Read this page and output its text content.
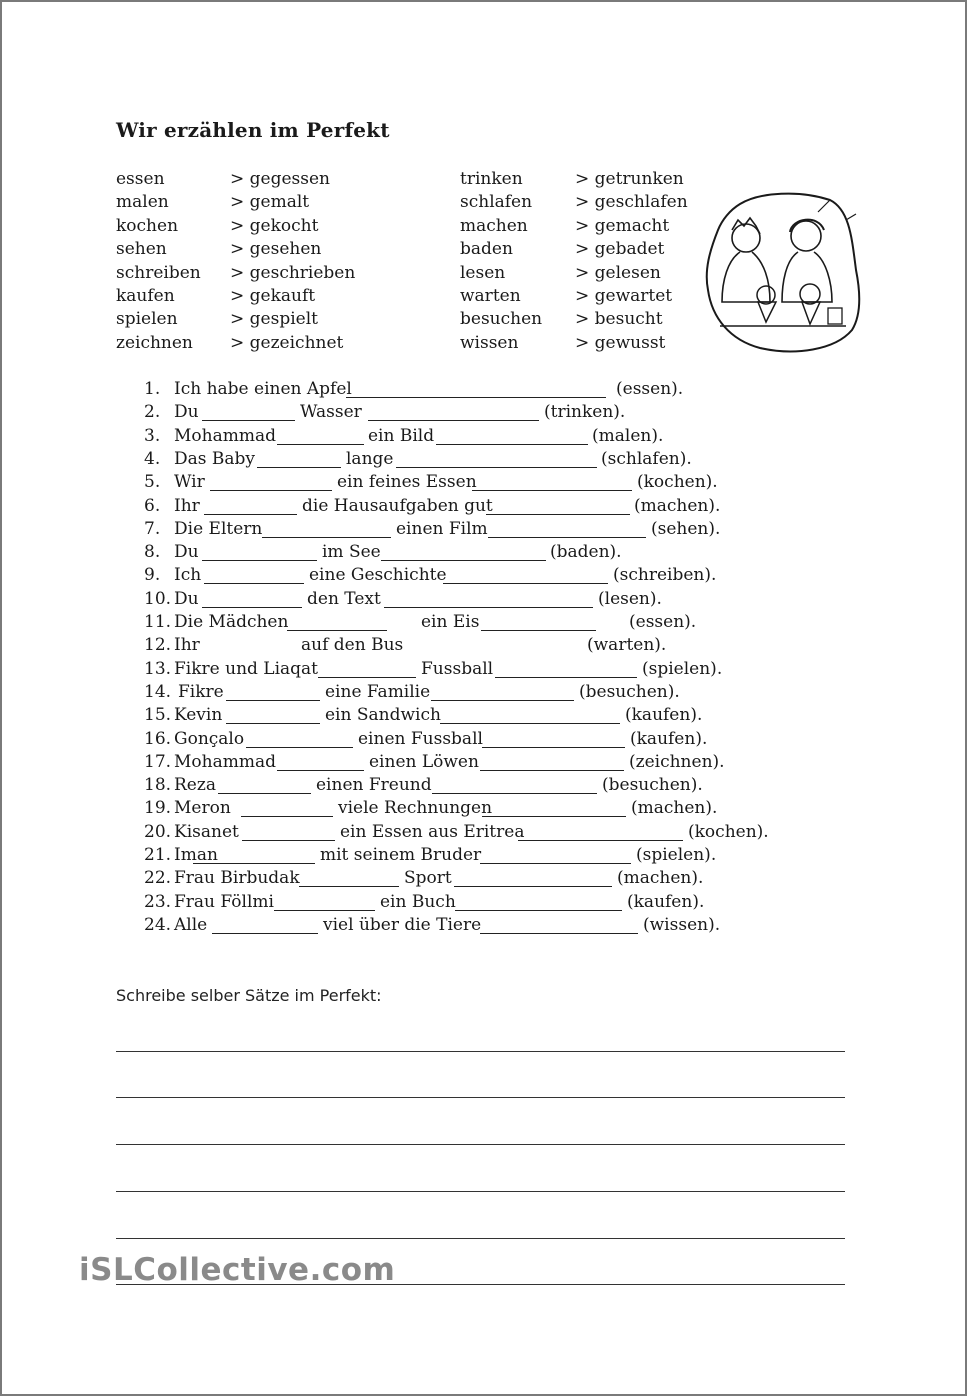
Wir erzählen im Perfekt
essen	> gegessen	trinken	> getrunken
malen	> gemalt	schlafen	> geschlafen
kochen	> gekocht	machen	> gemacht
sehen	> gesehen	baden	> gebadet
schreiben > geschrieben	lesen	> gelesen
kaufen	> gekauft	warten	> gewartet
spielen	> gespielt	besuchen > besucht
zeichnen > gezeichnet	wissen	> gewusst
1. Ich habe einen Apfel	(essen).
2. Du	Wasser	(trinken).
3. Mohammad	ein Bild	(malen).
4. Das Baby	lange	(schlafen).
5. Wir	ein feines Essen	(kochen).
6. Ihr	die Hausaufgaben gut	(machen).
7. Die Eltern	einen Film	(sehen).
8. Du	im See	(baden).
9. Ich	eine Geschichte	(schreiben).
10. Du	den Text	(lesen).
11. Die Mädchen	ein Eis	(essen).
12. Ihr	auf den Bus	(warten).
13. Fikre und Liaqat	Fussball	(spielen).
14. Fikre	eine Familie	(besuchen).
15. Kevin	ein Sandwich	(kaufen).
16. Gonçalo	einen Fussball	(kaufen).
17. Mohammad	einen Löwen	(zeichnen).
18. Reza	einen Freund	(besuchen).
19. Meron	viele Rechnungen	(machen).
20. Kisanet	ein Essen aus Eritrea	(kochen).
21. Iman	mit seinem Bruder	(spielen).
22. Frau Birbudak	Sport	(machen).
23. Frau Föllmi	ein Buch	(kaufen).
24. Alle	viel über die Tiere	(wissen).
Schreibe selber Sätze im Perfekt:
iSLCollective.com
